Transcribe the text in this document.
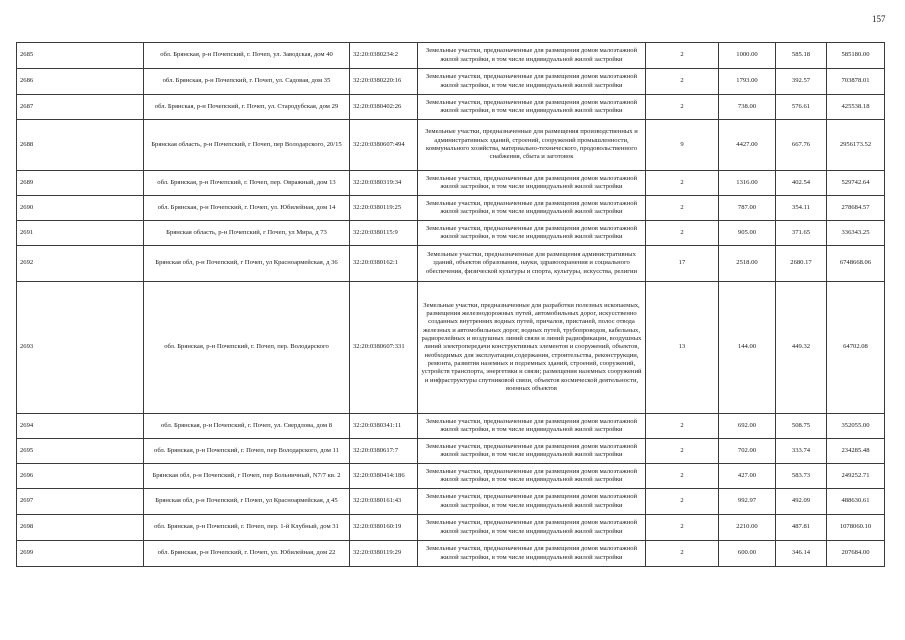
157
2685	обл. Брянская, р-н Почепский, г. Почеп, ул. Заводская, дом 40	32:20:0380234:2	Земельные участки, предназначенные для размещения домов малоэтажной жилой застройки, в том числе индивидуальной жилой застройки	2	1000.00	585.18	585180.00
2686	обл. Брянская, р-н Почепский, г. Почеп, ул. Садовая, дом 35	32:20:0380220:16	Земельные участки, предназначенные для размещения домов малоэтажной жилой застройки, в том числе индивидуальной жилой застройки	2	1793.00	392.57	703878.01
2687	обл. Брянская, р-н Почепский, г. Почеп, ул. Стародубская, дом 29	32:20:0380402:26	Земельные участки, предназначенные для размещения домов малоэтажной жилой застройки, в том числе индивидуальной жилой застройки	2	738.00	576.61	425538.18
2688	Брянская область, р-н Почепский, г Почеп, пер Володарского, 20/15	32:20:0380607:494	Земельные участки, предназначенные для размещения производственных и административных зданий, строений, сооружений промышленности, коммунального хозяйства, материально-технического, продовольственного снабжения, сбыта и заготовок	9	4427.00	667.76	2956173.52
2689	обл. Брянская, р-н Почепский, г. Почеп, пер. Овражный, дом 13	32:20:0380319:34	Земельные участки, предназначенные для размещения домов малоэтажной жилой застройки, в том числе индивидуальной жилой застройки	2	1316.00	402.54	529742.64
2690	обл. Брянская, р-н Почепский, г. Почеп, ул. Юбилейная, дом 14	32:20:0380119:25	Земельные участки, предназначенные для размещения домов малоэтажной жилой застройки, в том числе индивидуальной жилой застройки	2	787.00	354.11	278684.57
2691	Брянская область, р-н Почепский, г Почеп, ул Мира, д 73	32:20:0380115:9	Земельные участки, предназначенные для размещения домов малоэтажной жилой застройки, в том числе индивидуальной жилой застройки	2	905.00	371.65	336343.25
2692	Брянская обл, р-н Почепский, г Почеп, ул Красноармейская, д 36	32:20:0380162:1	Земельные участки, предназначенные для размещения административных зданий, объектов образования, науки, здравоохранения и социального обеспечения, физической культуры и спорта, культуры, искусства, религии	17	2518.00	2680.17	6748668.06
2693	обл. Брянская, р-н Почепский, г. Почеп, пер. Володарского	32:20:0380607:331	Земельные участки, предназначенные для разработки полезных ископаемых, размещения железнодорожных путей, автомобильных дорог, искусственно созданных внутренних водных путей, причалов, пристаней, полос отвода железных и автомобильных дорог, водных путей, трубопроводов, кабельных, радиорелейных и воздушных линий связи и линий радиофикации, воздушных линий электропередачи конструктивных элементов и сооружений, объектов, необходимых для эксплуатации,содержания, строительства, реконструкции, ремонта, развития наземных и подземных зданий, строений, сооружений, устройств транспорта, энергетики и связи; размещения наземных сооружений и инфраструктуры спутниковой связи, объектов космической деятельности, военных объектов	13	144.00	449.32	64702.08
2694	обл. Брянская, р-н Почепский, г. Почеп, ул. Свердлова, дом 8	32:20:0380341:11	Земельные участки, предназначенные для размещения домов малоэтажной жилой застройки, в том числе индивидуальной жилой застройки	2	692.00	508.75	352055.00
2695	обл. Брянская, р-н Почепский, г. Почеп, пер Володарского, дом 11	32:20:0380617:7	Земельные участки, предназначенные для размещения домов малоэтажной жилой застройки, в том числе индивидуальной жилой застройки	2	702.00	333.74	234285.48
2696	Брянская обл, р-н Почепский, г Почеп, пер Больничный, N7/7 кв. 2	32:20:0380414:186	Земельные участки, предназначенные для размещения домов малоэтажной жилой застройки, в том числе индивидуальной жилой застройки	2	427.00	583.73	249252.71
2697	Брянская обл, р-н Почепский, г Почеп, ул Красноармейская, д 45	32:20:0380161:43	Земельные участки, предназначенные для размещения домов малоэтажной жилой застройки, в том числе индивидуальной жилой застройки	2	992.97	492.09	488630.61
2698	обл. Брянская, р-н Почепский, г. Почеп, пер. 1-й Клубный, дом 31	32:20:0380160:19	Земельные участки, предназначенные для размещения домов малоэтажной жилой застройки, в том числе индивидуальной жилой застройки	2	2210.00	487.81	1078060.10
2699	обл. Брянская, р-н Почепский, г. Почеп, ул. Юбилейная, дом 22	32:20:0380119:29	Земельные участки, предназначенные для размещения домов малоэтажной жилой застройки, в том числе индивидуальной жилой застройки	2	600.00	346.14	207684.00
